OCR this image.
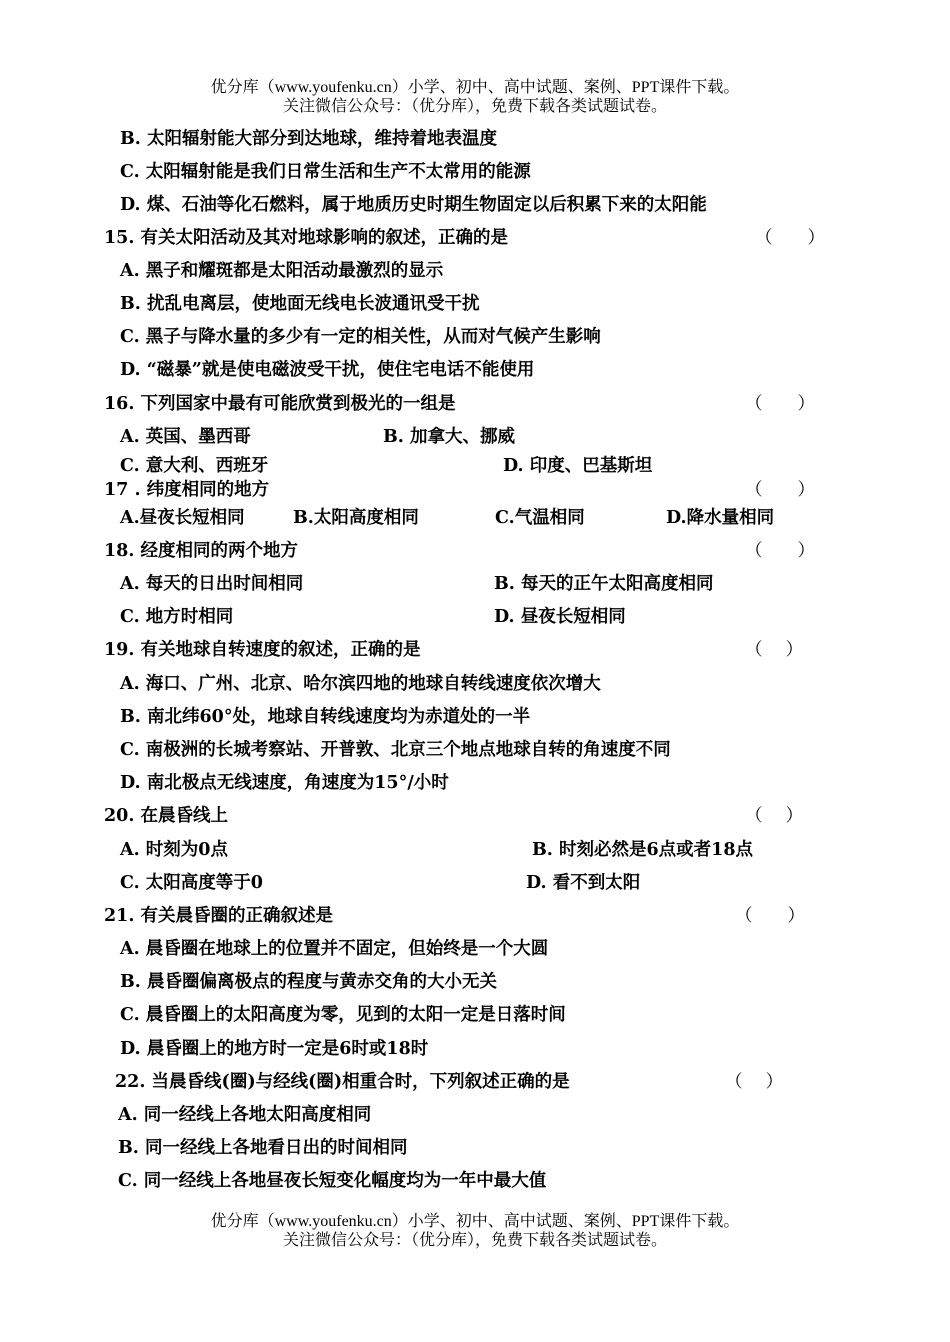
优分库（www.youfenku.cn）小学、初中、高中试题、案例、PPT课件下载。
关注微信公众号：（优分库），免费下载各类试题试卷。
B. 太阳辐射能大部分到达地球，维持着地表温度
C. 太阳辐射能是我们日常生活和生产不太常用的能源
D. 煤、石油等化石燃料，属于地质历史时期生物固定以后积累下来的太阳能
15. 有关太阳活动及其对地球影响的叙述，正确的是	（　　）
A. 黑子和耀斑都是太阳活动最激烈的显示
B. 扰乱电离层，使地面无线电长波通讯受干扰
C. 黑子与降水量的多少有一定的相关性，从而对气候产生影响
D. “磁暴”就是使电磁波受干扰，使住宅电话不能使用
16. 下列国家中最有可能欣赏到极光的一组是	（　　）
A. 英国、墨西哥	B. 加拿大、挪威
C. 意大利、西班牙	D. 印度、巴基斯坦
17 . 纬度相同的地方	（　　）
A.昼夜长短相同	B.太阳高度相同	C.气温相同	D.降水量相同
18. 经度相同的两个地方	（　　）
A. 每天的日出时间相同	B. 每天的正午太阳高度相同
C. 地方时相同	D. 昼夜长短相同
19. 有关地球自转速度的叙述，正确的是	（　 ）
A. 海口、广州、北京、哈尔滨四地的地球自转线速度依次增大
B. 南北纬60°处，地球自转线速度均为赤道处的一半
C. 南极洲的长城考察站、开普敦、北京三个地点地球自转的角速度不同
D. 南北极点无线速度，角速度为15°/小时
20. 在晨昏线上	（　 ）
A. 时刻为0点	B. 时刻必然是6点或者18点
C. 太阳高度等于0	D. 看不到太阳
21. 有关晨昏圈的正确叙述是	（　　）
A. 晨昏圈在地球上的位置并不固定，但始终是一个大圆
B. 晨昏圈偏离极点的程度与黄赤交角的大小无关
C. 晨昏圈上的太阳高度为零，见到的太阳一定是日落时间
D. 晨昏圈上的地方时一定是6时或18时
22. 当晨昏线(圈)与经线(圈)相重合时，下列叙述正确的是	（　 ）
A. 同一经线上各地太阳高度相同
B. 同一经线上各地看日出的时间相同
C. 同一经线上各地昼夜长短变化幅度均为一年中最大值
优分库（www.youfenku.cn）小学、初中、高中试题、案例、PPT课件下载。
关注微信公众号：（优分库），免费下载各类试题试卷。
